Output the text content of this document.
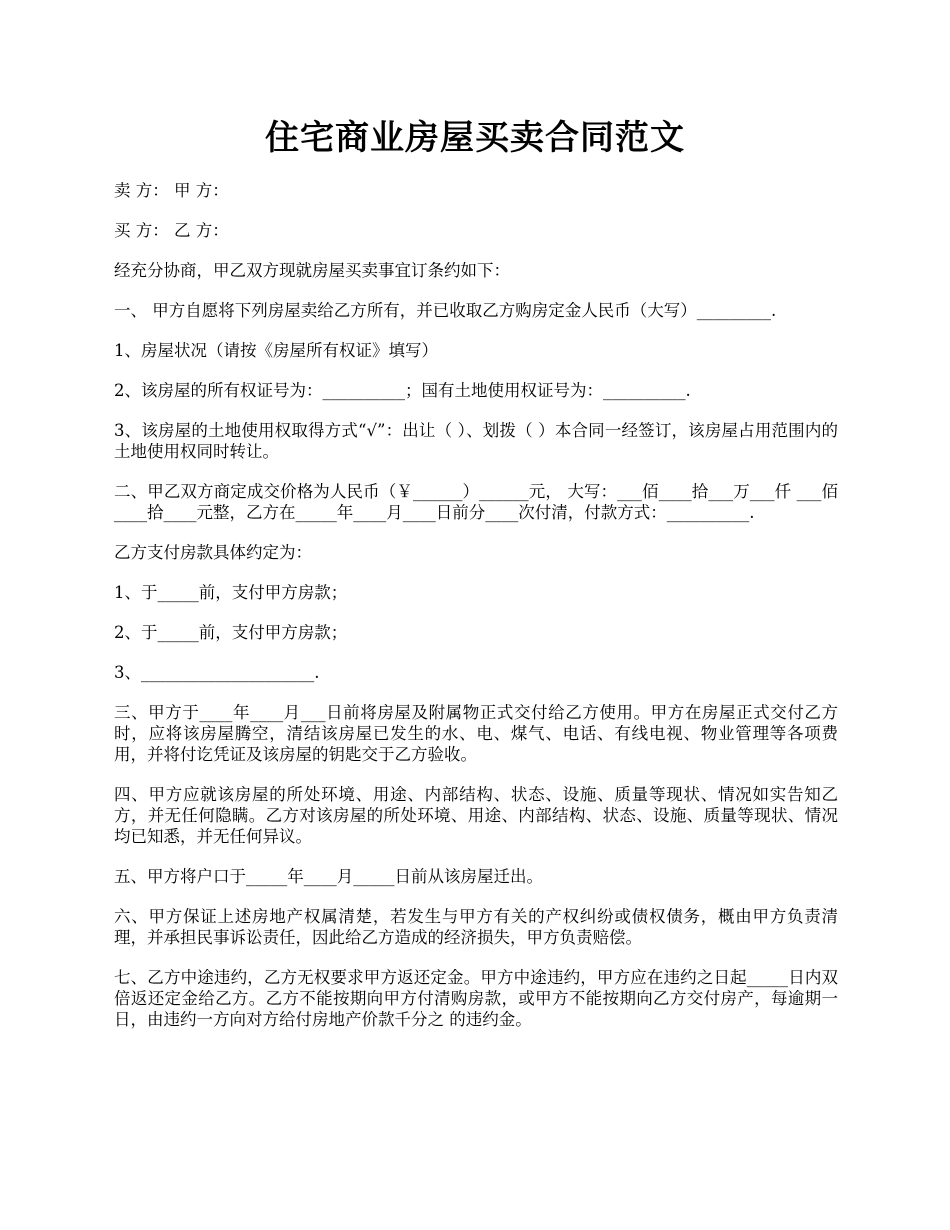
住宅商业房屋买卖合同范文

卖 方： 甲 方：

买 方： 乙 方：

经充分协商，甲乙双方现就房屋买卖事宜订条约如下：

一、 甲方自愿将下列房屋卖给乙方所有，并已收取乙方购房定金人民币（大写）_________.

1、房屋状况（请按《房屋所有权证》填写）

2、该房屋的所有权证号为：__________；国有土地使用权证号为：__________.

3、该房屋的土地使用权取得方式“√”：出让（ ）、划拨（ ）本合同一经签订，该房屋占用范围内的土地使用权同时转让。

二、甲乙双方商定成交价格为人民币（￥______）______元， 大写：___佰____拾___万___仟 ___佰____拾____元整，乙方在_____年____月____日前分____次付清，付款方式：__________.

乙方支付房款具体约定为：

1、于_____前，支付甲方房款；

2、于_____前，支付甲方房款；

3、_____________________.

三、甲方于____年____月___日前将房屋及附属物正式交付给乙方使用。甲方在房屋正式交付乙方时，应将该房屋腾空，清结该房屋已发生的水、电、煤气、电话、有线电视、物业管理等各项费用，并将付讫凭证及该房屋的钥匙交于乙方验收。

四、甲方应就该房屋的所处环境、用途、内部结构、状态、设施、质量等现状、情况如实告知乙方，并无任何隐瞒。乙方对该房屋的所处环境、用途、内部结构、状态、设施、质量等现状、情况均已知悉，并无任何异议。

五、甲方将户口于_____年____月_____日前从该房屋迁出。

六、甲方保证上述房地产权属清楚，若发生与甲方有关的产权纠纷或债权债务，概由甲方负责清理，并承担民事诉讼责任，因此给乙方造成的经济损失，甲方负责赔偿。

七、乙方中途违约，乙方无权要求甲方返还定金。甲方中途违约，甲方应在违约之日起_____日内双倍返还定金给乙方。乙方不能按期向甲方付清购房款，或甲方不能按期向乙方交付房产，每逾期一日，由违约一方向对方给付房地产价款千分之 的违约金。
